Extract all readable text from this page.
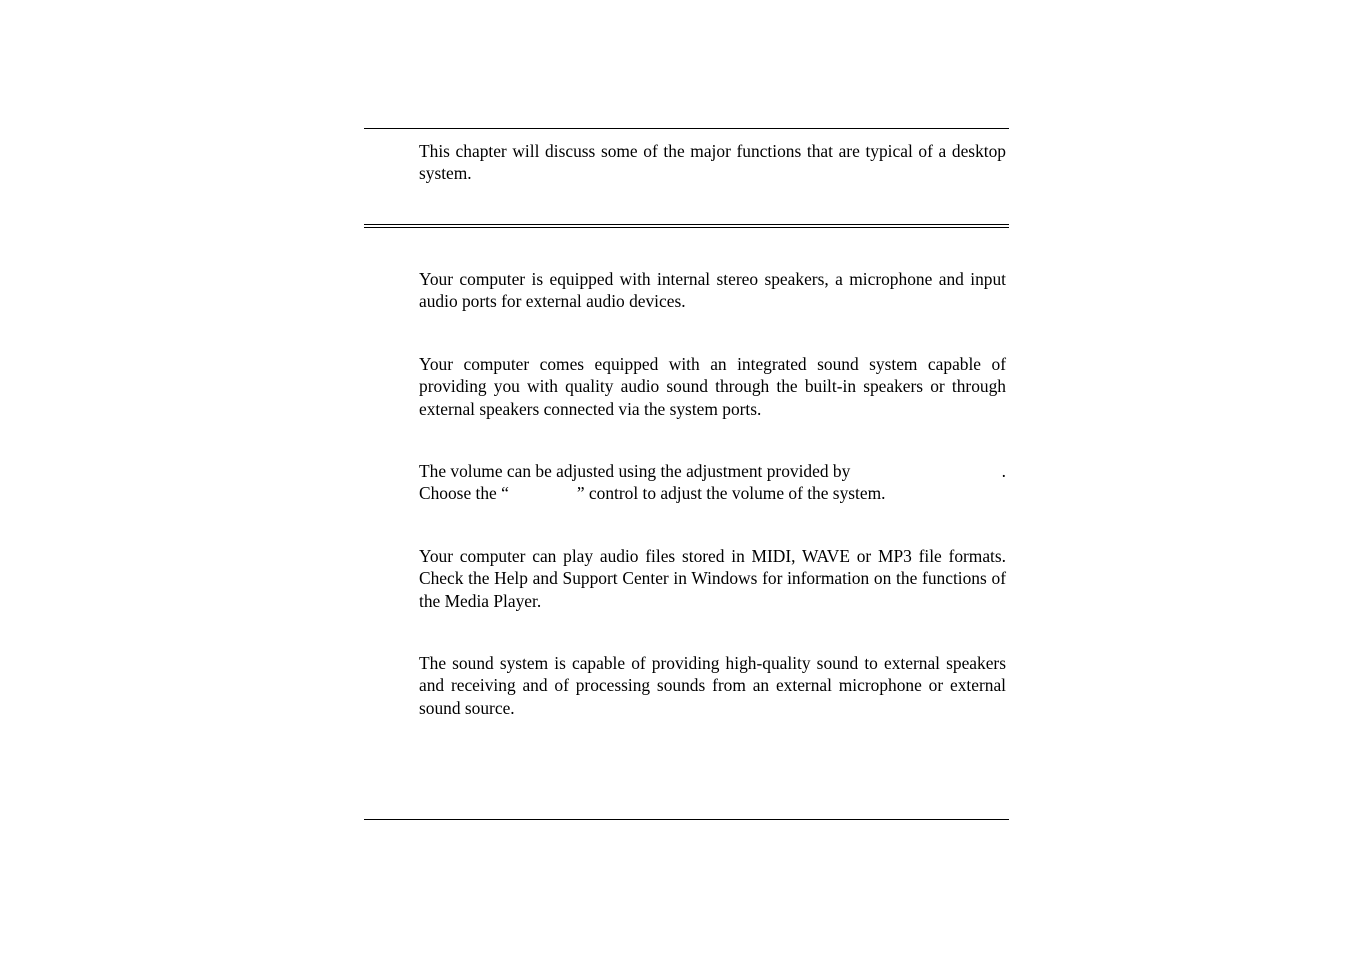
This chapter will discuss some of the major functions that are typical of a desktop system.

Your computer is equipped with internal stereo speakers, a microphone and input audio ports for external audio devices.

Your computer comes equipped with an integrated sound system capable of providing you with quality audio sound through the built-in speakers or through external speakers connected via the system ports.

The volume can be adjusted using the adjustment provided by	.
Choose the “	” control to adjust the volume of the system.

Your computer can play audio files stored in MIDI, WAVE or MP3 file formats. Check the Help and Support Center in Windows for information on the functions of the Media Player.

The sound system is capable of providing high-quality sound to external speakers and receiving and of processing sounds from an external microphone or external sound source.
